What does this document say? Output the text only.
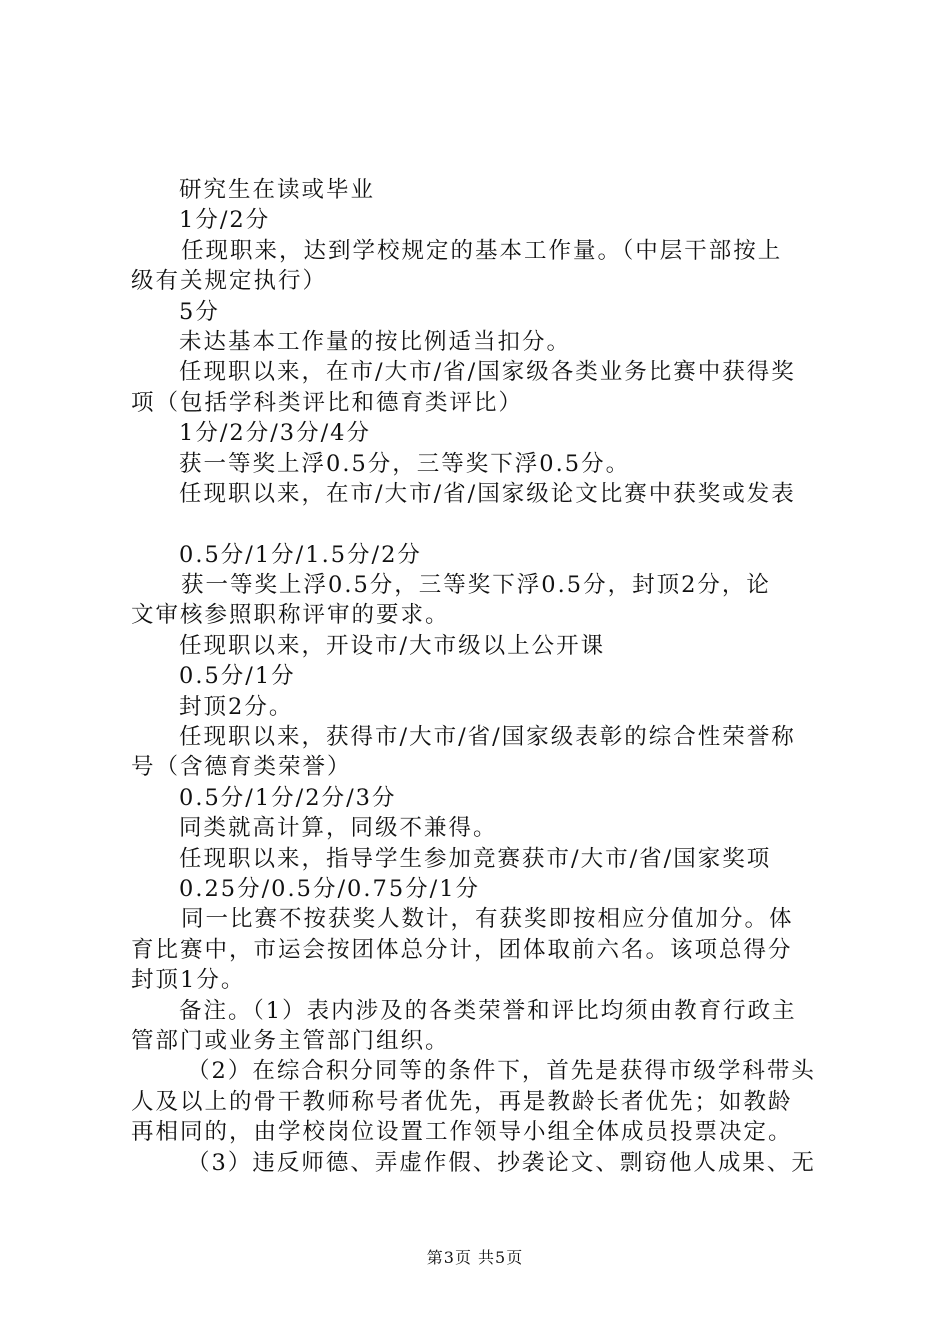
研究生在读或毕业
1分/2分
任现职来，达到学校规定的基本工作量。（中层干部按上
级有关规定执行）
5分
未达基本工作量的按比例适当扣分。
任现职以来，在市/大市/省/国家级各类业务比赛中获得奖
项（包括学科类评比和德育类评比）
1分/2分/3分/4分
获一等奖上浮0.5分，三等奖下浮0.5分。
任现职以来，在市/大市/省/国家级论文比赛中获奖或发表
0.5分/1分/1.5分/2分
获一等奖上浮0.5分，三等奖下浮0.5分，封顶2分，论
文审核参照职称评审的要求。
任现职以来，开设市/大市级以上公开课
0.5分/1分
封顶2分。
任现职以来，获得市/大市/省/国家级表彰的综合性荣誉称
号（含德育类荣誉）
0.5分/1分/2分/3分
同类就高计算，同级不兼得。
任现职以来，指导学生参加竞赛获市/大市/省/国家奖项
0.25分/0.5分/0.75分/1分
同一比赛不按获奖人数计，有获奖即按相应分值加分。体
育比赛中，市运会按团体总分计，团体取前六名。该项总得分
封顶1分。
备注。（1）表内涉及的各类荣誉和评比均须由教育行政主
管部门或业务主管部门组织。
（2）在综合积分同等的条件下，首先是获得市级学科带头
人及以上的骨干教师称号者优先，再是教龄长者优先；如教龄
再相同的，由学校岗位设置工作领导小组全体成员投票决定。
（3）违反师德、弄虚作假、抄袭论文、剽窃他人成果、无
第3页 共5页
